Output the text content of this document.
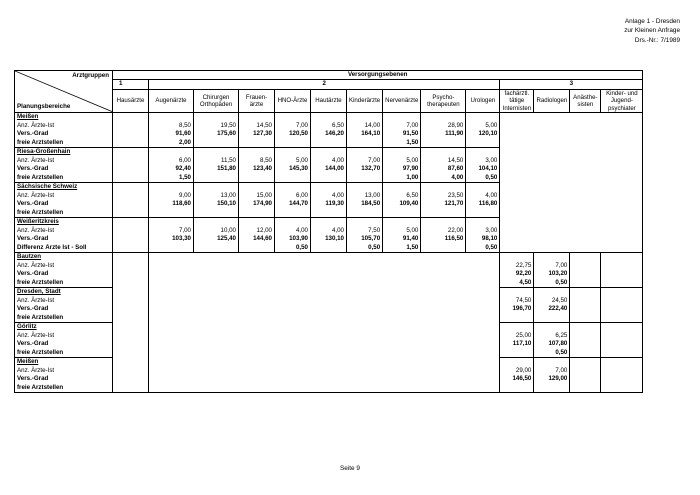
Anlage 1 - Dresden
zur Kleinen Anfrage
Drs.-Nr.: 7/1989
Arztgruppen
Planungsbereiche	Versorgungsebenen													
	1	2									3			
	Hausärzte	Augenärzte	Chirurgen Orthopäden	Frauen-ärzte	HNO-Ärzte	Hautärzte	Kinderärzte	Nervenärzte	Psycho-therapeuten	Urologen	fachärztl. tätige Internisten	Radiologen	Anästhe-sisten	Kinder- und Jugend-psychiater
Meißen														
Anz. Ärzte-Ist		8,50	19,50	14,50	7,00	6,50	14,00	7,00	28,90	5,00				
Vers.-Grad		91,60	175,60	127,30	120,50	146,20	164,10	91,50	111,90	120,10				
freie Arztstellen		2,00						1,50						
Riesa-Großenhain														
Anz. Ärzte-Ist		6,00	11,50	8,50	5,00	4,00	7,00	5,00	14,50	3,00				
Vers.-Grad		92,40	151,80	123,40	145,30	144,00	132,70	97,90	87,60	104,10				
freie Arztstellen		1,50						1,00	4,00	0,50				
Sächsische Schweiz														
Anz. Ärzte-Ist		9,00	13,00	15,00	6,00	4,00	13,00	6,50	23,50	4,00				
Vers.-Grad		118,60	150,10	174,90	144,70	119,30	184,50	109,40	121,70	116,80				
freie Arztstellen														
Weißeritzkreis														
Anz. Ärzte-Ist		7,00	10,00	12,00	4,00	4,00	7,50	5,00	22,00	3,00				
Vers.-Grad		103,30	125,40	144,60	103,90	130,10	105,70	91,40	116,50	98,10				
Differenz Ärzte Ist - Soll					0,50		0,50	1,50		0,50				
Bautzen														
Anz. Ärzte-Ist											22,75	7,00		
Vers.-Grad											92,20	103,20		
freie Arztstellen											4,50	0,50		
Dresden, Stadt														
Anz. Ärzte-Ist											74,50	24,50		
Vers.-Grad											196,70	222,40		
freie Arztstellen														
Görlitz														
Anz. Ärzte-Ist											25,00	6,25		
Vers.-Grad											117,10	107,80		
freie Arztstellen												0,50		
Meißen														
Anz. Ärzte-Ist											29,00	7,00		
Vers.-Grad											146,50	129,00		
freie Arztstellen														
Seite 9
